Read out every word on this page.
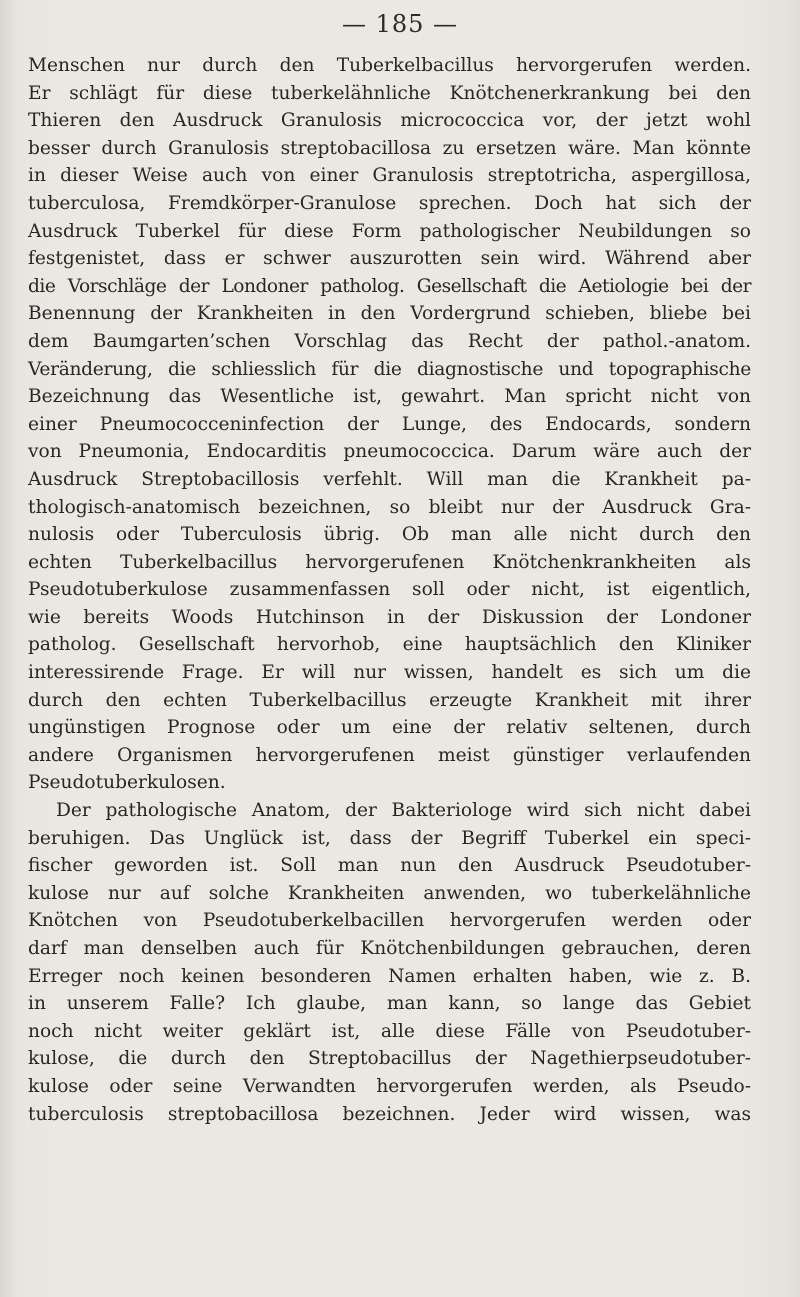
— 185 —
Menschen nur durch den Tuberkelbacillus hervorgerufen werden.
Er schlägt für diese tuberkelähnliche Knötchenerkrankung bei den
Thieren den Ausdruck Granulosis micrococcica vor, der jetzt wohl
besser durch Granulosis streptobacillosa zu ersetzen wäre. Man könnte
in dieser Weise auch von einer Granulosis streptotricha, aspergillosa,
tuberculosa, Fremdkörper-Granulose sprechen. Doch hat sich der
Ausdruck Tuberkel für diese Form pathologischer Neubildungen so
festgenistet, dass er schwer auszurotten sein wird. Während aber
die Vorschläge der Londoner patholog. Gesellschaft die Aetiologie bei der
Benennung der Krankheiten in den Vordergrund schieben, bliebe bei
dem Baumgarten’schen Vorschlag das Recht der pathol.-anatom.
Veränderung, die schliesslich für die diagnostische und topographische
Bezeichnung das Wesentliche ist, gewahrt. Man spricht nicht von
einer Pneumococceninfection der Lunge, des Endocards, sondern
von Pneumonia, Endocarditis pneumococcica. Darum wäre auch der
Ausdruck Streptobacillosis verfehlt. Will man die Krankheit pa-
thologisch-anatomisch bezeichnen, so bleibt nur der Ausdruck Gra-
nulosis oder Tuberculosis übrig. Ob man alle nicht durch den
echten Tuberkelbacillus hervorgerufenen Knötchenkrankheiten als
Pseudotuberkulose zusammenfassen soll oder nicht, ist eigentlich,
wie bereits Woods Hutchinson in der Diskussion der Londoner
patholog. Gesellschaft hervorhob, eine hauptsächlich den Kliniker
interessirende Frage. Er will nur wissen, handelt es sich um die
durch den echten Tuberkelbacillus erzeugte Krankheit mit ihrer
ungünstigen Prognose oder um eine der relativ seltenen, durch
andere Organismen hervorgerufenen meist günstiger verlaufenden
Pseudotuberkulosen.
Der pathologische Anatom, der Bakteriologe wird sich nicht dabei
beruhigen. Das Unglück ist, dass der Begriff Tuberkel ein speci-
fischer geworden ist. Soll man nun den Ausdruck Pseudotuber-
kulose nur auf solche Krankheiten anwenden, wo tuberkelähnliche
Knötchen von Pseudotuberkelbacillen hervorgerufen werden oder
darf man denselben auch für Knötchenbildungen gebrauchen, deren
Erreger noch keinen besonderen Namen erhalten haben, wie z. B.
in unserem Falle? Ich glaube, man kann, so lange das Gebiet
noch nicht weiter geklärt ist, alle diese Fälle von Pseudotuber-
kulose, die durch den Streptobacillus der Nagethierpseudotuber-
kulose oder seine Verwandten hervorgerufen werden, als Pseudo-
tuberculosis streptobacillosa bezeichnen. Jeder wird wissen, was
